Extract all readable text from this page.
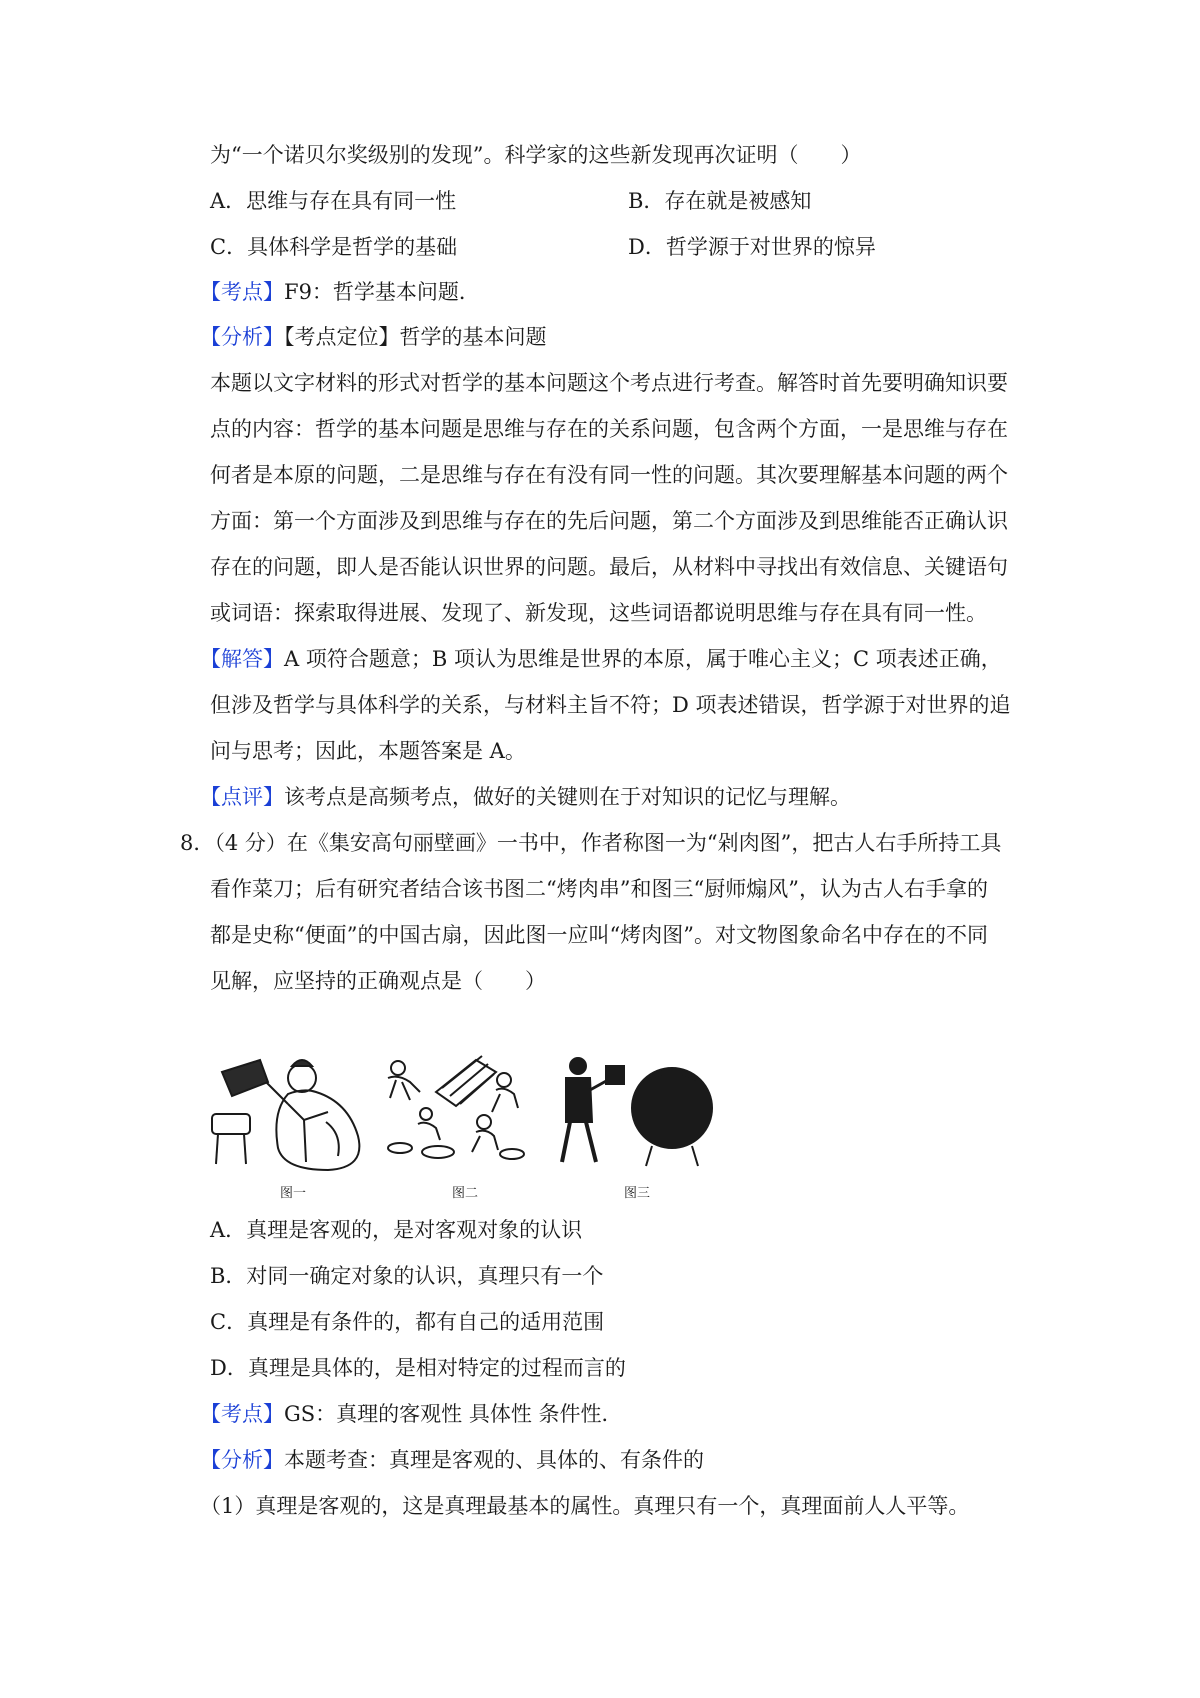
为“一个诺贝尔奖级别的发现”。科学家的这些新发现再次证明（　　）
A．思维与存在具有同一性	B．存在就是被感知
C．具体科学是哲学的基础	D．哲学源于对世界的惊异
【考点】F9：哲学基本问题．
【分析】【考点定位】哲学的基本问题
本题以文字材料的形式对哲学的基本问题这个考点进行考查。解答时首先要明确知识要
点的内容：哲学的基本问题是思维与存在的关系问题，包含两个方面，一是思维与存在
何者是本原的问题，二是思维与存在有没有同一性的问题。其次要理解基本问题的两个
方面：第一个方面涉及到思维与存在的先后问题，第二个方面涉及到思维能否正确认识
存在的问题，即人是否能认识世界的问题。最后，从材料中寻找出有效信息、关键语句
或词语：探索取得进展、发现了、新发现，这些词语都说明思维与存在具有同一性。
【解答】A 项符合题意；B 项认为思维是世界的本原，属于唯心主义；C 项表述正确，
但涉及哲学与具体科学的关系，与材料主旨不符；D 项表述错误，哲学源于对世界的追
问与思考；因此，本题答案是 A。
【点评】该考点是高频考点，做好的关键则在于对知识的记忆与理解。
8．（4 分）在《集安高句丽壁画》一书中，作者称图一为“剁肉图”，把古人右手所持工具
看作菜刀；后有研究者结合该书图二“烤肉串”和图三“厨师煽风”，认为古人右手拿的
都是史称“便面”的中国古扇，因此图一应叫“烤肉图”。对文物图象命名中存在的不同
见解，应坚持的正确观点是（　　）
图一	图二	图三
A．真理是客观的，是对客观对象的认识
B．对同一确定对象的认识，真理只有一个
C．真理是有条件的，都有自己的适用范围
D．真理是具体的，是相对特定的过程而言的
【考点】GS：真理的客观性 具体性 条件性．
【分析】本题考查：真理是客观的、具体的、有条件的
（1）真理是客观的，这是真理最基本的属性。真理只有一个，真理面前人人平等。
